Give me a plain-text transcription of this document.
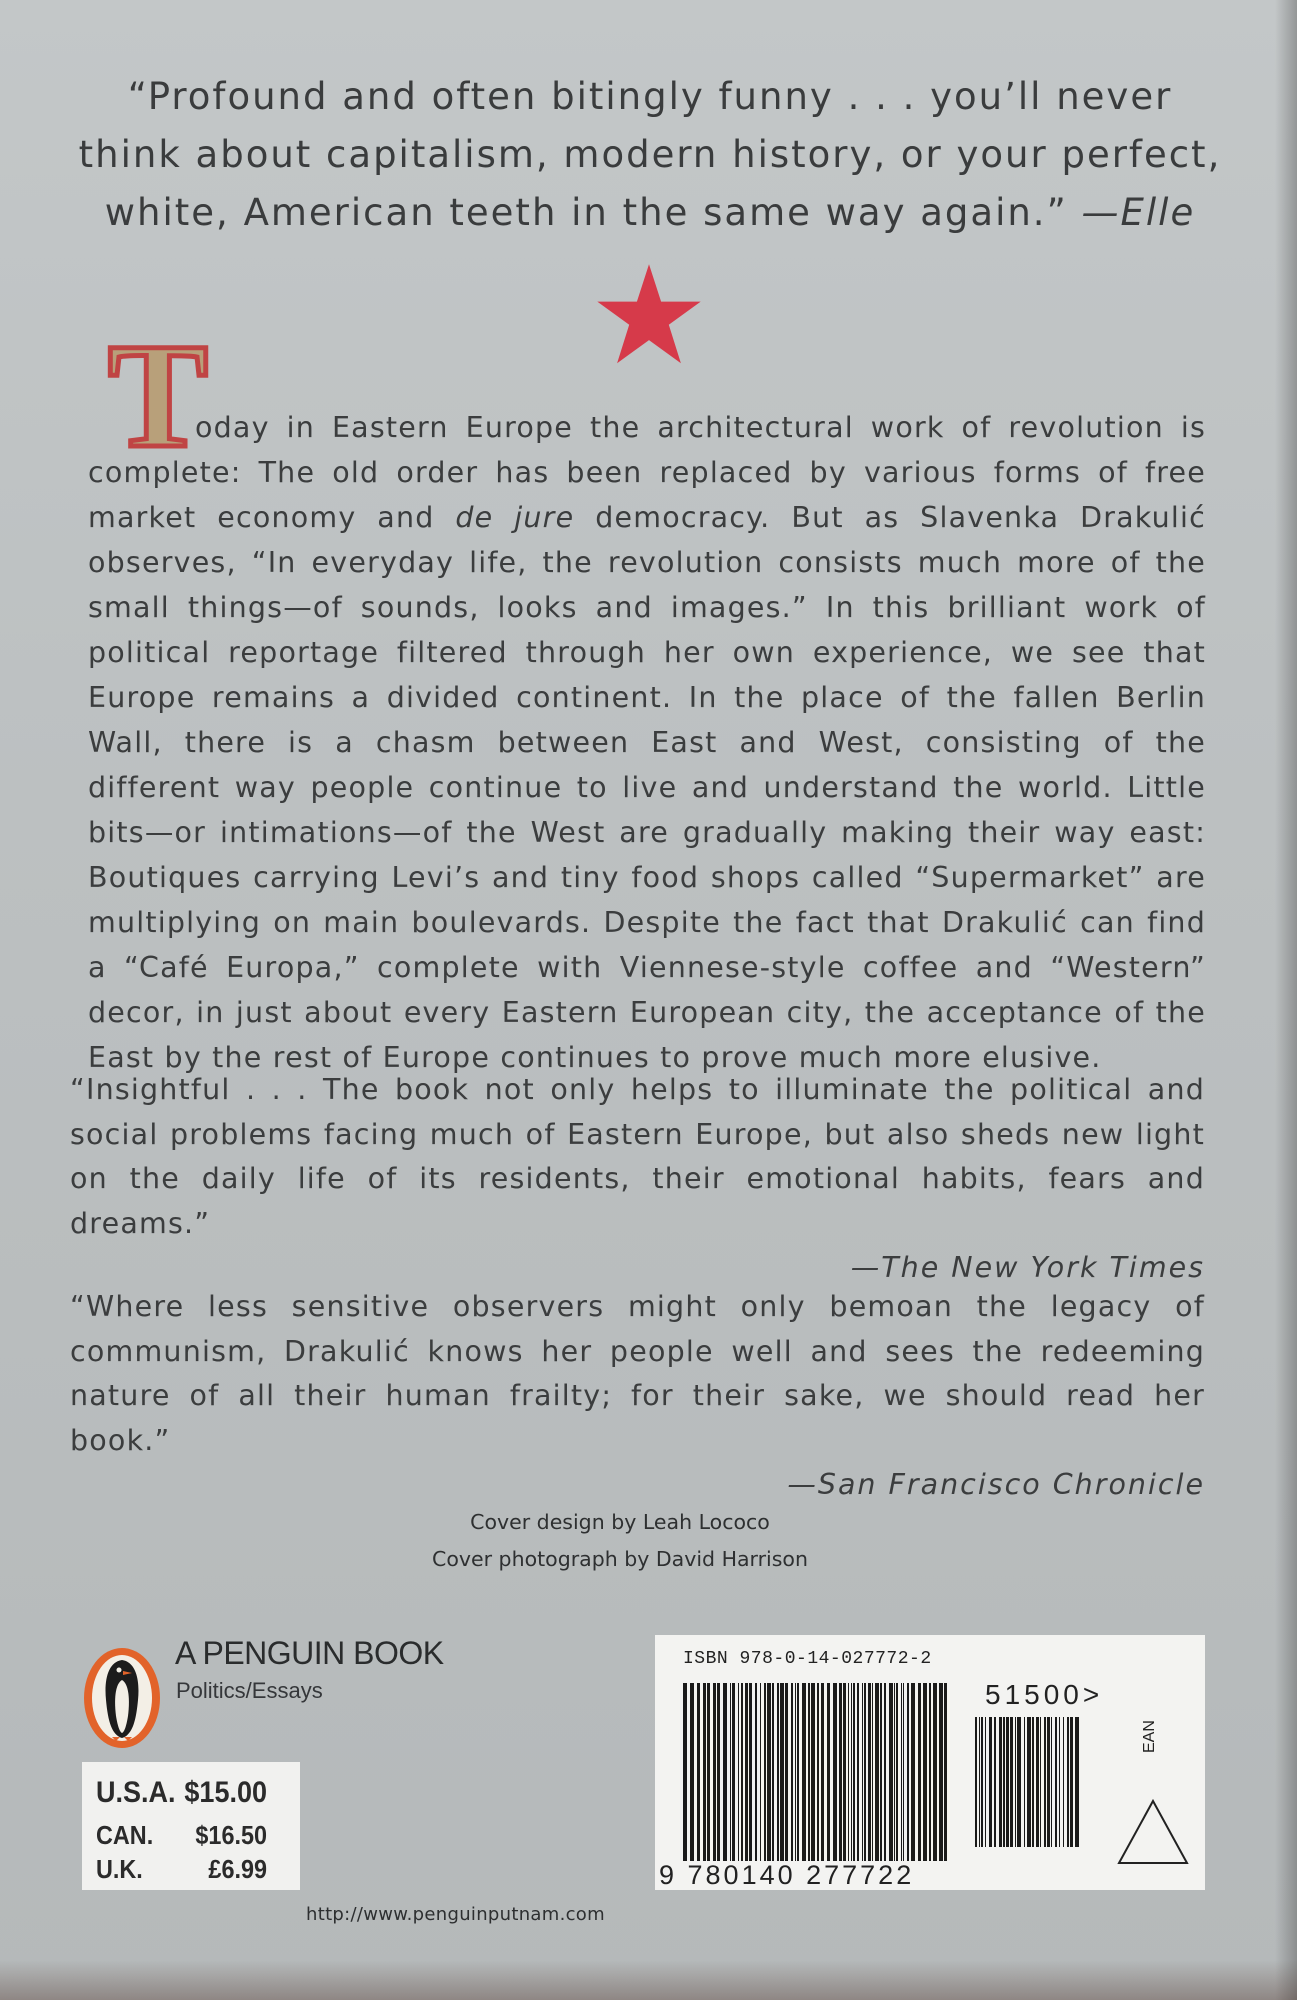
“Profound and often bitingly funny . . . you’ll never
think about capitalism, modern history, or your perfect,
white, American teeth in the same way again.” —Elle
T
oday in Eastern Europe the architectural work of revolution is complete: The old order has been replaced by various forms of free market economy and de jure democracy. But as Slavenka Drakulić observes, “In everyday life, the revolution consists much more of the small things—of sounds, looks and images.” In this brilliant work of political reportage filtered through her own experience, we see that Europe remains a divided continent. In the place of the fallen Berlin Wall, there is a chasm between East and West, consisting of the different way people continue to live and understand the world. Little bits—or intimations—of the West are gradually making their way east: Boutiques carrying Levi’s and tiny food shops called “Supermarket” are multiplying on main boulevards. Despite the fact that Drakulić can find a “Café Europa,” complete with Viennese-style coffee and “Western” decor, in just about every Eastern European city, the acceptance of the East by the rest of Europe continues to prove much more elusive.
“Insightful . . . The book not only helps to illuminate the political and social problems facing much of Eastern Europe, but also sheds new light on the daily life of its residents, their emotional habits, fears and dreams.”
—The New York Times
“Where less sensitive observers might only bemoan the legacy of communism, Drakulić knows her people well and sees the redeeming nature of all their human frailty; for their sake, we should read her book.”
—San Francisco Chronicle
Cover design by Leah Lococo
Cover photograph by David Harrison
A PENGUIN BOOK
Politics/Essays
U.S.A. $15.00
CAN. $16.50
U.K.	£6.99
http://www.penguinputnam.com
ISBN 978-0-14-027772-2
51500>
EAN
9 780140 277722
